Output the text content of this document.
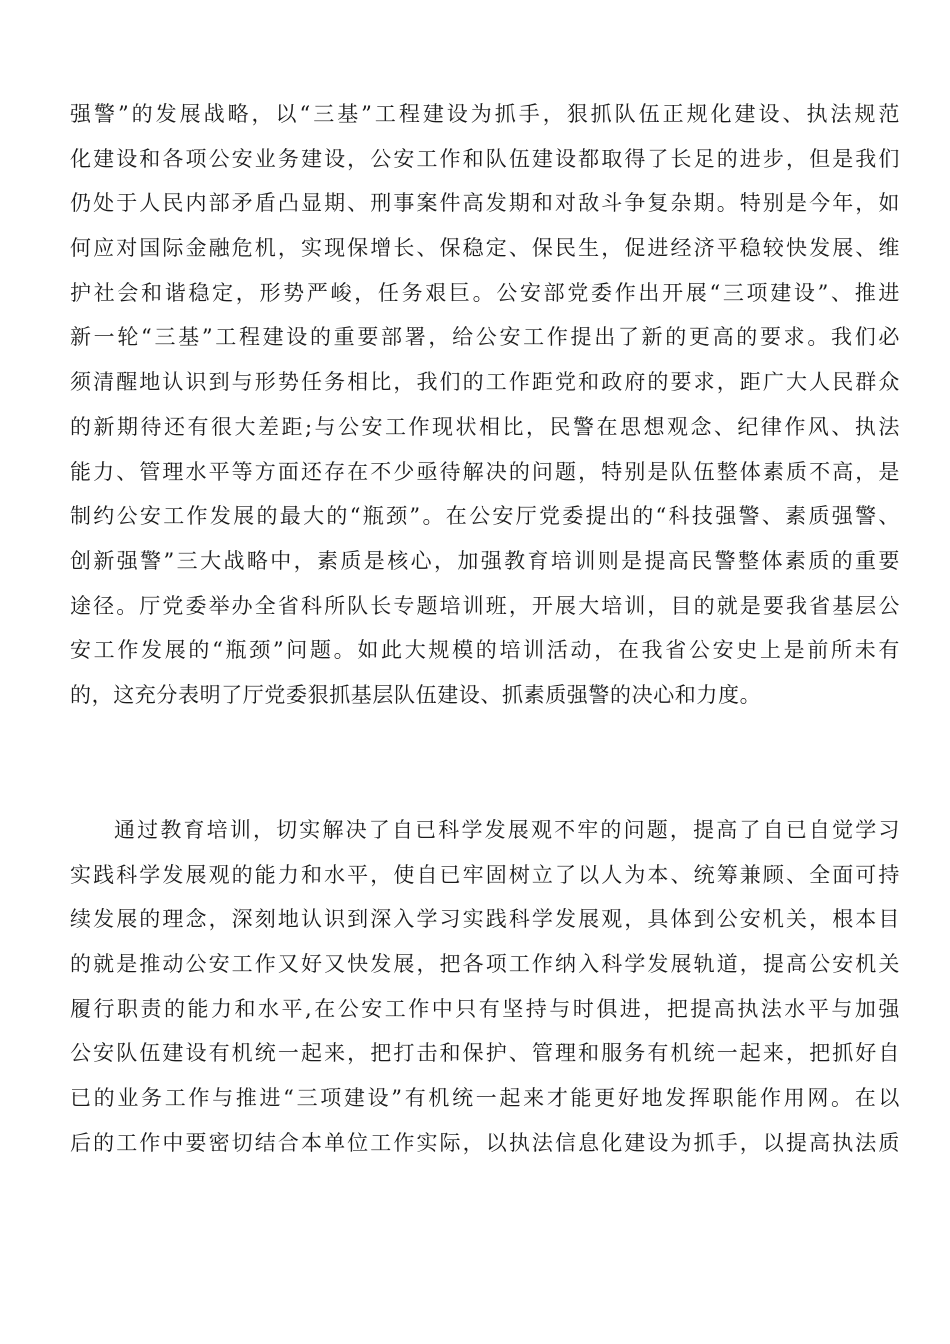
强警”的发展战略，以“三基”工程建设为抓手，狠抓队伍正规化建设、执法规范
化建设和各项公安业务建设，公安工作和队伍建设都取得了长足的进步，但是我们
仍处于人民内部矛盾凸显期、刑事案件高发期和对敌斗争复杂期。特别是今年，如
何应对国际金融危机，实现保增长、保稳定、保民生，促进经济平稳较快发展、维
护社会和谐稳定，形势严峻，任务艰巨。公安部党委作出开展“三项建设”、推进
新一轮“三基”工程建设的重要部署，给公安工作提出了新的更高的要求。我们必
须清醒地认识到与形势任务相比，我们的工作距党和政府的要求，距广大人民群众
的新期待还有很大差距;与公安工作现状相比，民警在思想观念、纪律作风、执法
能力、管理水平等方面还存在不少亟待解决的问题，特别是队伍整体素质不高，是
制约公安工作发展的最大的“瓶颈”。在公安厅党委提出的“科技强警、素质强警、
创新强警”三大战略中，素质是核心，加强教育培训则是提高民警整体素质的重要
途径。厅党委举办全省科所队长专题培训班，开展大培训，目的就是要我省基层公
安工作发展的“瓶颈”问题。如此大规模的培训活动，在我省公安史上是前所未有
的，这充分表明了厅党委狠抓基层队伍建设、抓素质强警的决心和力度。
通过教育培训，切实解决了自已科学发展观不牢的问题，提高了自已自觉学习
实践科学发展观的能力和水平，使自已牢固树立了以人为本、统筹兼顾、全面可持
续发展的理念，深刻地认识到深入学习实践科学发展观，具体到公安机关，根本目
的就是推动公安工作又好又快发展，把各项工作纳入科学发展轨道，提高公安机关
履行职责的能力和水平,在公安工作中只有坚持与时俱进，把提高执法水平与加强
公安队伍建设有机统一起来，把打击和保护、管理和服务有机统一起来，把抓好自
已的业务工作与推进“三项建设”有机统一起来才能更好地发挥职能作用网。在以
后的工作中要密切结合本单位工作实际，以执法信息化建设为抓手，以提高执法质
